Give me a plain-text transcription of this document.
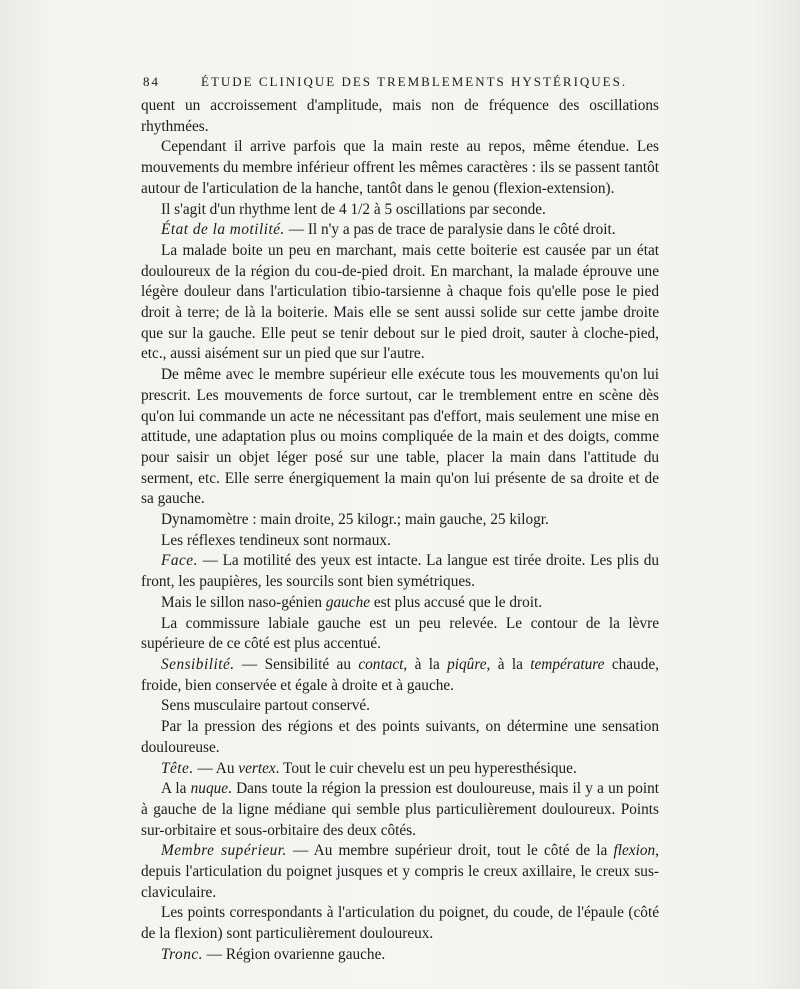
84	ÉTUDE CLINIQUE DES TREMBLEMENTS HYSTÉRIQUES.

quent un accroissement d'amplitude, mais non de fréquence des oscillations rhythmées.

Cependant il arrive parfois que la main reste au repos, même étendue. Les mouvements du membre inférieur offrent les mêmes caractères : ils se passent tantôt autour de l'articulation de la hanche, tantôt dans le genou (flexion-extension).

Il s'agit d'un rhythme lent de 4 1/2 à 5 oscillations par seconde.

État de la motilité. — Il n'y a pas de trace de paralysie dans le côté droit.

La malade boite un peu en marchant, mais cette boiterie est causée par un état douloureux de la région du cou-de-pied droit. En marchant, la malade éprouve une légère douleur dans l'articulation tibio-tarsienne à chaque fois qu'elle pose le pied droit à terre; de là la boiterie. Mais elle se sent aussi solide sur cette jambe droite que sur la gauche. Elle peut se tenir debout sur le pied droit, sauter à cloche-pied, etc., aussi aisément sur un pied que sur l'autre.

De même avec le membre supérieur elle exécute tous les mouvements qu'on lui prescrit. Les mouvements de force surtout, car le tremblement entre en scène dès qu'on lui commande un acte ne nécessitant pas d'effort, mais seulement une mise en attitude, une adaptation plus ou moins compliquée de la main et des doigts, comme pour saisir un objet léger posé sur une table, placer la main dans l'attitude du serment, etc. Elle serre énergiquement la main qu'on lui présente de sa droite et de sa gauche.

Dynamomètre : main droite, 25 kilogr.; main gauche, 25 kilogr.

Les réflexes tendineux sont normaux.

Face. — La motilité des yeux est intacte. La langue est tirée droite. Les plis du front, les paupières, les sourcils sont bien symétriques.

Mais le sillon naso-génien gauche est plus accusé que le droit.

La commissure labiale gauche est un peu relevée. Le contour de la lèvre supérieure de ce côté est plus accentué.

Sensibilité. — Sensibilité au contact, à la piqûre, à la température chaude, froide, bien conservée et égale à droite et à gauche.

Sens musculaire partout conservé.

Par la pression des régions et des points suivants, on détermine une sensation douloureuse.

Tête. — Au vertex. Tout le cuir chevelu est un peu hyperesthésique.

A la nuque. Dans toute la région la pression est douloureuse, mais il y a un point à gauche de la ligne médiane qui semble plus particulièrement douloureux. Points sur-orbitaire et sous-orbitaire des deux côtés.

Membre supérieur. — Au membre supérieur droit, tout le côté de la flexion, depuis l'articulation du poignet jusques et y compris le creux axillaire, le creux sus-claviculaire.

Les points correspondants à l'articulation du poignet, du coude, de l'épaule (côté de la flexion) sont particulièrement douloureux.

Tronc. — Région ovarienne gauche.
